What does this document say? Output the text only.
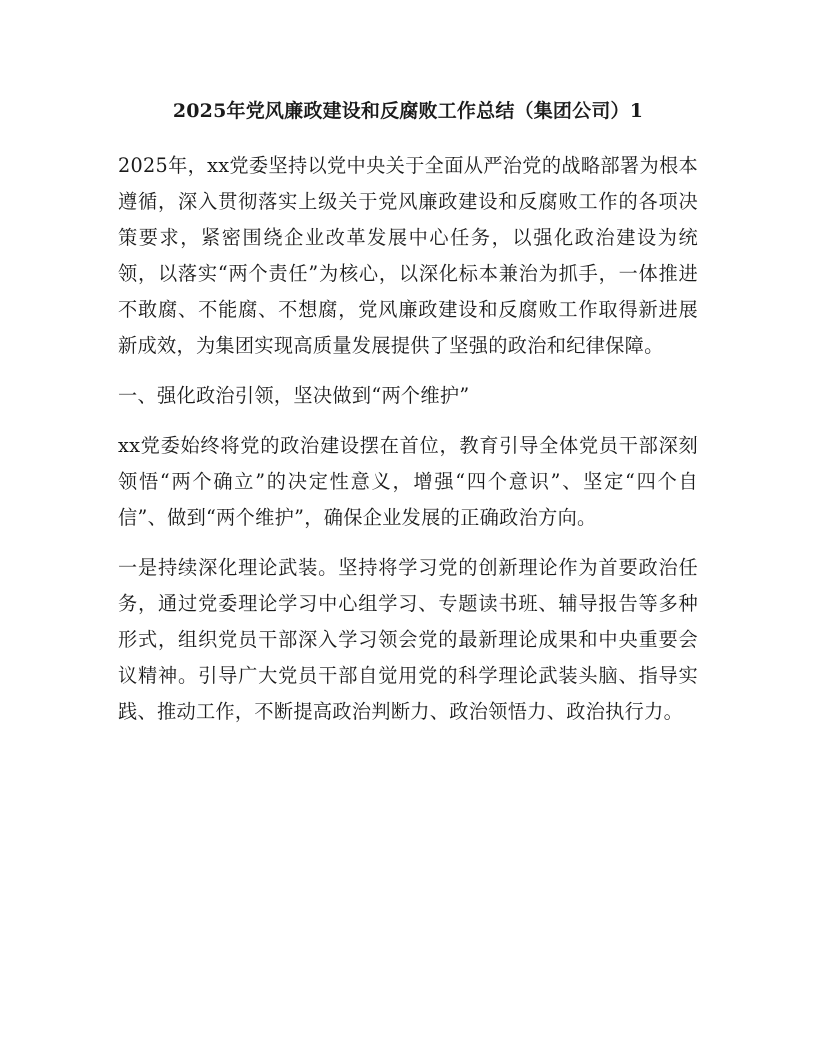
2025年党风廉政建设和反腐败工作总结（集团公司）1

2025年，xx党委坚持以党中央关于全面从严治党的战略部署为根本遵循，深入贯彻落实上级关于党风廉政建设和反腐败工作的各项决策要求，紧密围绕企业改革发展中心任务，以强化政治建设为统领，以落实“两个责任”为核心，以深化标本兼治为抓手，一体推进不敢腐、不能腐、不想腐，党风廉政建设和反腐败工作取得新进展新成效，为集团实现高质量发展提供了坚强的政治和纪律保障。

一、强化政治引领，坚决做到“两个维护”

xx党委始终将党的政治建设摆在首位，教育引导全体党员干部深刻领悟“两个确立”的决定性意义，增强“四个意识”、坚定“四个自信”、做到“两个维护”，确保企业发展的正确政治方向。

一是持续深化理论武装。坚持将学习党的创新理论作为首要政治任务，通过党委理论学习中心组学习、专题读书班、辅导报告等多种形式，组织党员干部深入学习领会党的最新理论成果和中央重要会议精神。引导广大党员干部自觉用党的科学理论武装头脑、指导实践、推动工作，不断提高政治判断力、政治领悟力、政治执行力。
